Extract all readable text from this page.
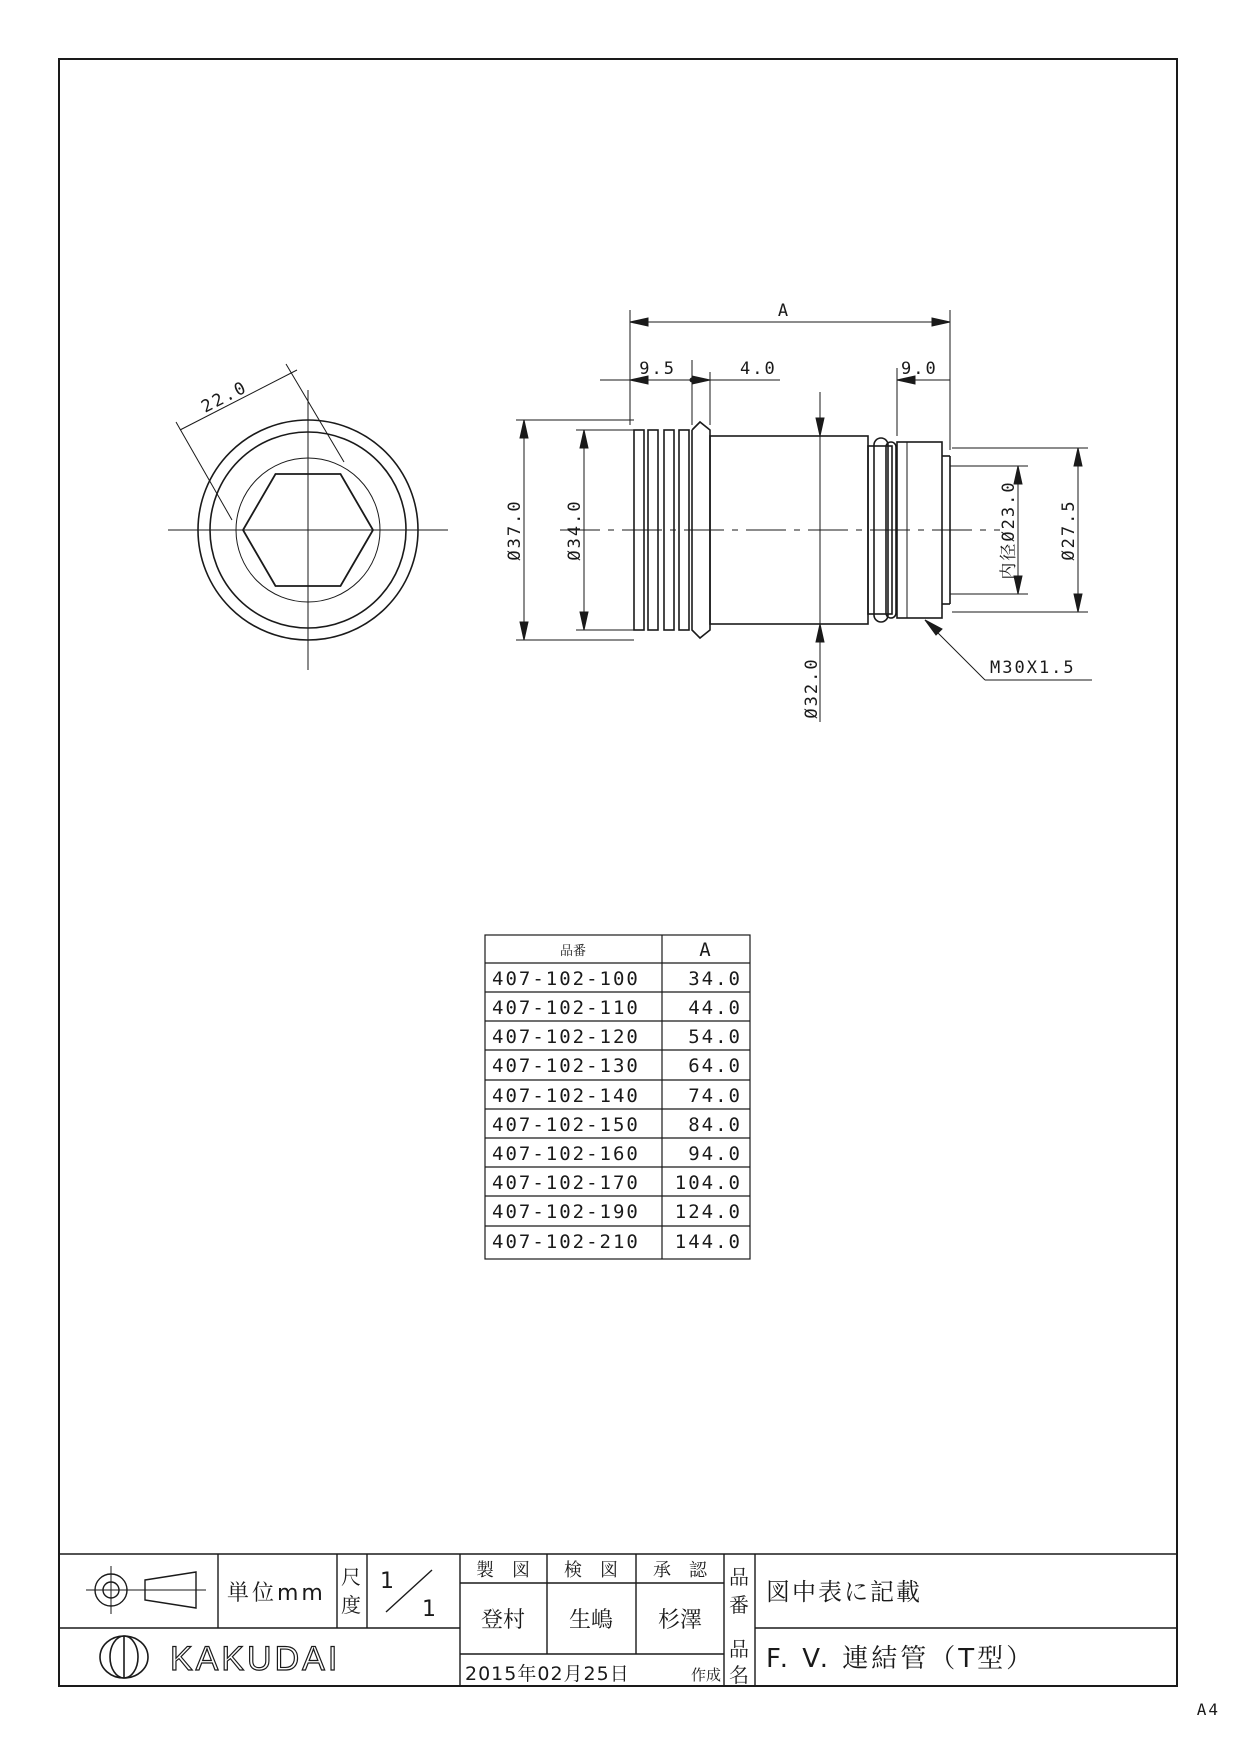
22.0
A
9.5	4.0	9.0
Ø37.0 Ø34.0
Ø32.0
内径Ø23.0 Ø27.5
M30X1.5
品番	A
407-102-100	34.0
407-102-110	44.0
407-102-120	54.0
407-102-130	64.0
407-102-140	74.0
407-102-150	84.0
407-102-160	94.0
407-102-170 104.0
407-102-190 124.0
407-102-210 144.0
KAKUDAI
単位mm
尺
度
1
1
製　図 検　図 承　認
登村 生嶋 杉澤
2015年02月25日	作成
品
番
品
名
図中表に記載
F. V. 連結管（T型）
A4
